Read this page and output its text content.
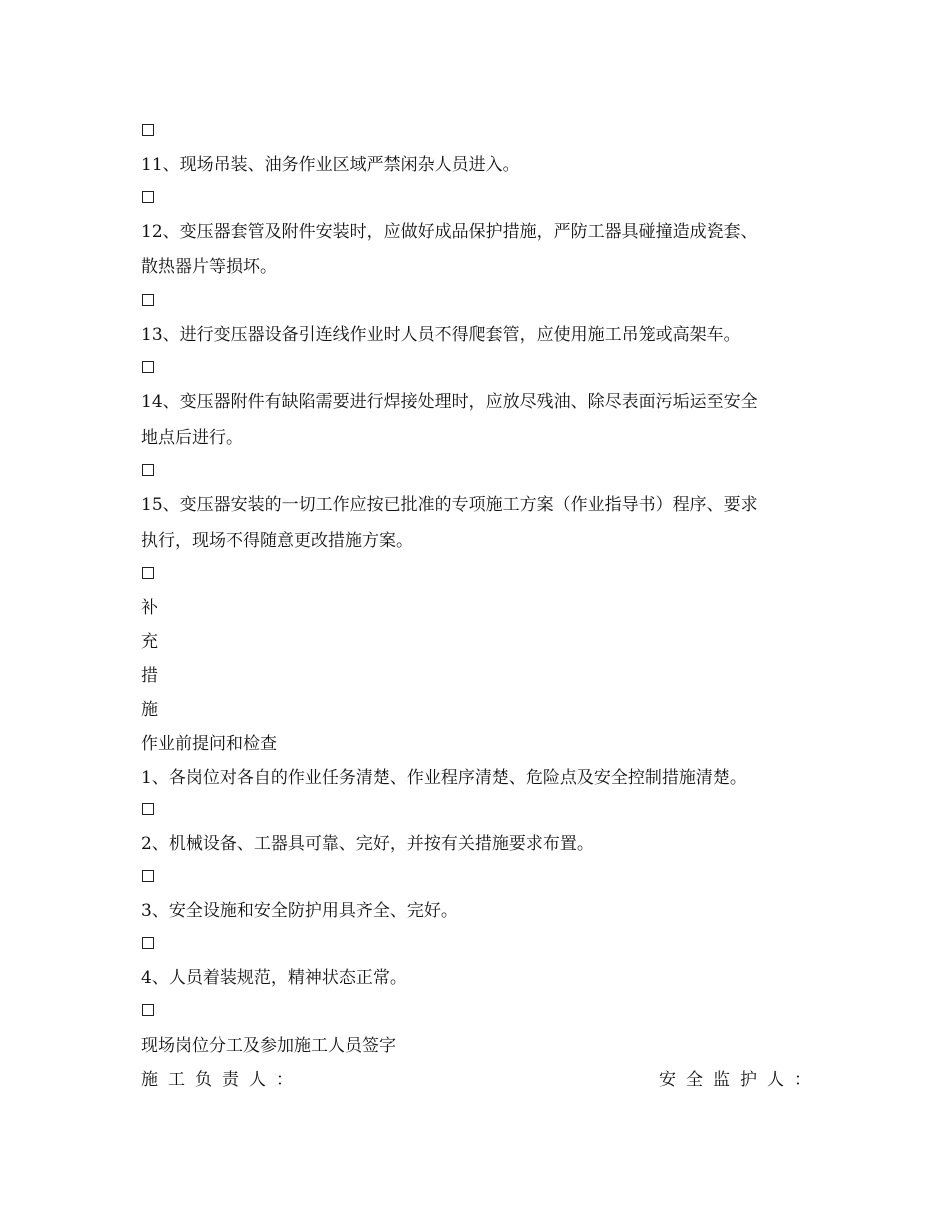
11、现场吊装、油务作业区域严禁闲杂人员进入。
12、变压器套管及附件安装时，应做好成品保护措施，严防工器具碰撞造成瓷套、
散热器片等损坏。
13、进行变压器设备引连线作业时人员不得爬套管，应使用施工吊笼或高架车。
14、变压器附件有缺陷需要进行焊接处理时，应放尽残油、除尽表面污垢运至安全
地点后进行。
15、变压器安装的一切工作应按已批准的专项施工方案（作业指导书）程序、要求
执行，现场不得随意更改措施方案。
补
充
措
施
作业前提问和检查
1、各岗位对各自的作业任务清楚、作业程序清楚、危险点及安全控制措施清楚。
2、机械设备、工器具可靠、完好，并按有关措施要求布置。
3、安全设施和安全防护用具齐全、完好。
4、人员着装规范，精神状态正常。
现场岗位分工及参加施工人员签字
施工负责人：	安全监护人：
